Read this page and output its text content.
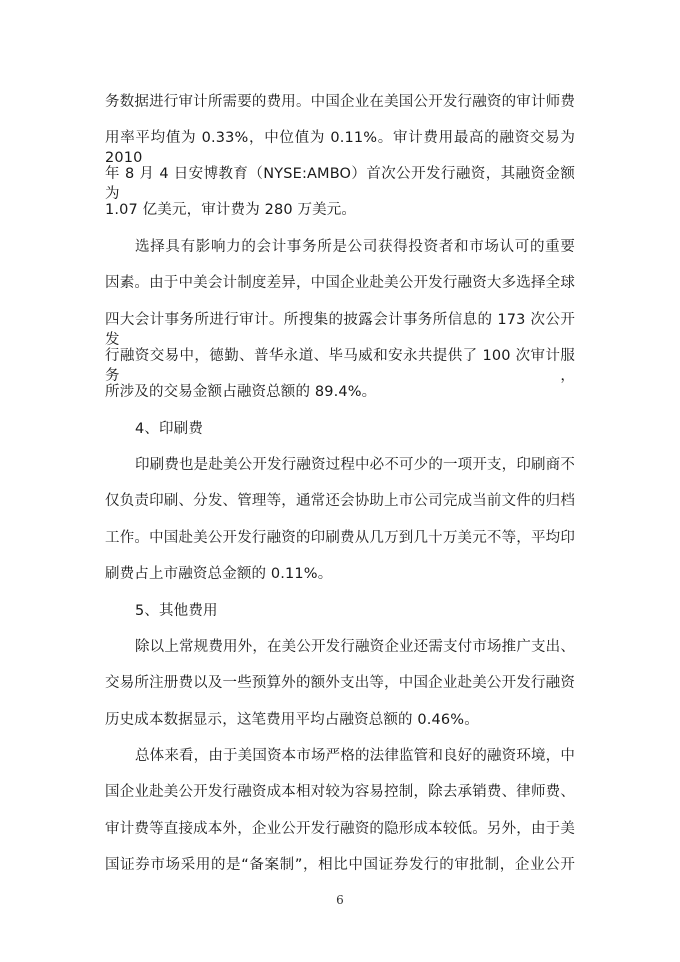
务数据进行审计所需要的费用。中国企业在美国公开发行融资的审计师费
用率平均值为 0.33%，中位值为 0.11%。审计费用最高的融资交易为 2010
年 8 月 4 日安博教育（NYSE:AMBO）首次公开发行融资，其融资金额为
1.07 亿美元，审计费为 280 万美元。
选择具有影响力的会计事务所是公司获得投资者和市场认可的重要
因素。由于中美会计制度差异，中国企业赴美公开发行融资大多选择全球
四大会计事务所进行审计。所搜集的披露会计事务所信息的 173 次公开发
行融资交易中，德勤、普华永道、毕马威和安永共提供了 100 次审计服务，
所涉及的交易金额占融资总额的 89.4%。
4、印刷费
印刷费也是赴美公开发行融资过程中必不可少的一项开支，印刷商不
仅负责印刷、分发、管理等，通常还会协助上市公司完成当前文件的归档
工作。中国赴美公开发行融资的印刷费从几万到几十万美元不等，平均印
刷费占上市融资总金额的 0.11%。
5、其他费用
除以上常规费用外，在美公开发行融资企业还需支付市场推广支出、
交易所注册费以及一些预算外的额外支出等，中国企业赴美公开发行融资
历史成本数据显示，这笔费用平均占融资总额的 0.46%。
总体来看，由于美国资本市场严格的法律监管和良好的融资环境，中
国企业赴美公开发行融资成本相对较为容易控制，除去承销费、律师费、
审计费等直接成本外，企业公开发行融资的隐形成本较低。另外，由于美
国证券市场采用的是“备案制”，相比中国证券发行的审批制，企业公开
6
